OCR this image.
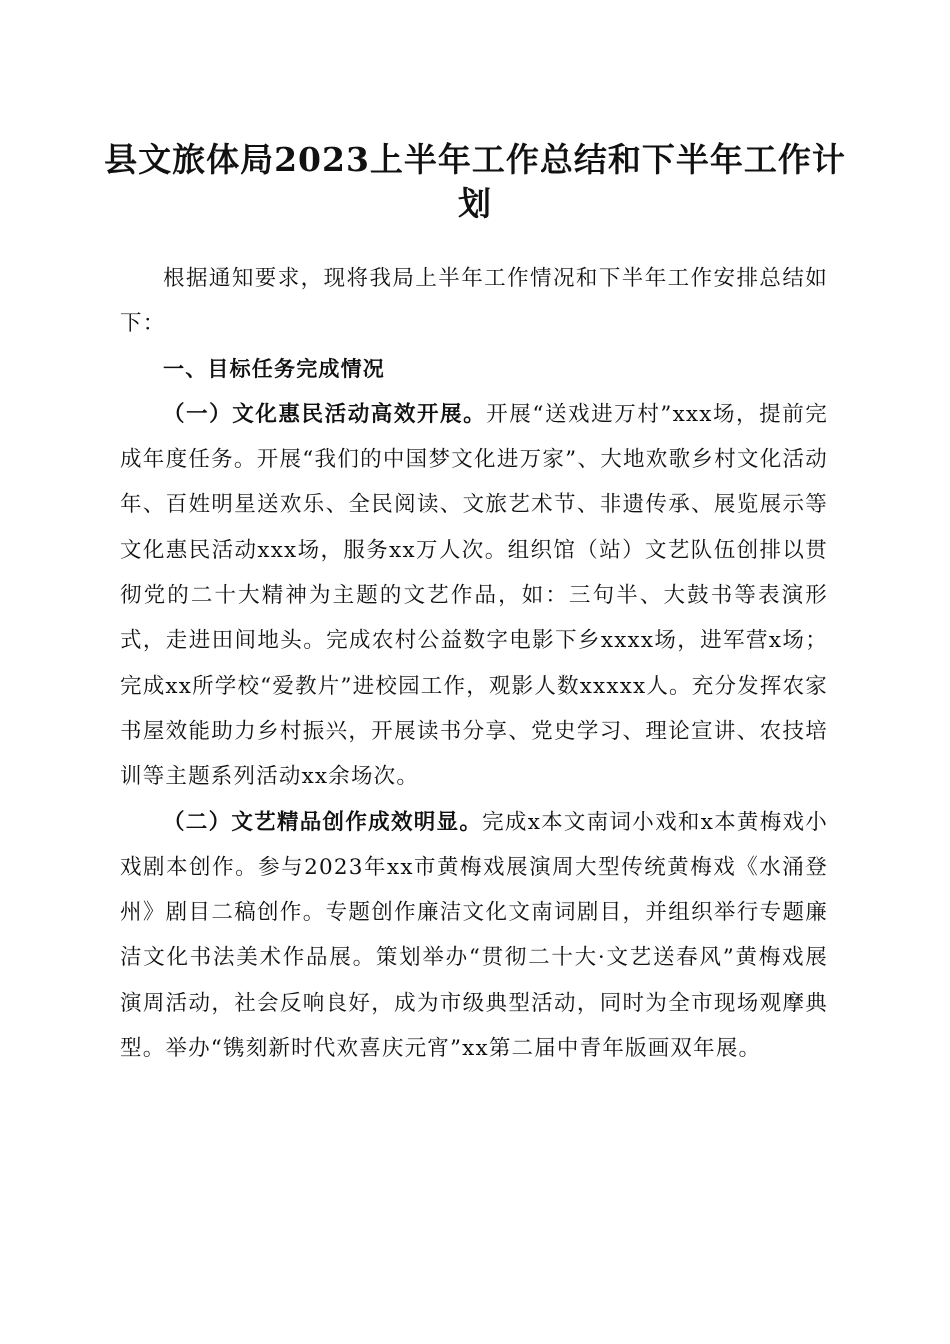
县文旅体局2023上半年工作总结和下半年工作计划

根据通知要求，现将我局上半年工作情况和下半年工作安排总结如下：

一、目标任务完成情况

（一）文化惠民活动高效开展。开展“送戏进万村”xxx场，提前完成年度任务。开展“我们的中国梦文化进万家”、大地欢歌乡村文化活动年、百姓明星送欢乐、全民阅读、文旅艺术节、非遗传承、展览展示等文化惠民活动xxx场，服务xx万人次。组织馆（站）文艺队伍创排以贯彻党的二十大精神为主题的文艺作品，如：三句半、大鼓书等表演形式，走进田间地头。完成农村公益数字电影下乡xxxx场，进军营x场；完成xx所学校“爱教片”进校园工作，观影人数xxxxx人。充分发挥农家书屋效能助力乡村振兴，开展读书分享、党史学习、理论宣讲、农技培训等主题系列活动xx余场次。

（二）文艺精品创作成效明显。完成x本文南词小戏和x本黄梅戏小戏剧本创作。参与2023年xx市黄梅戏展演周大型传统黄梅戏《水涌登州》剧目二稿创作。专题创作廉洁文化文南词剧目，并组织举行专题廉洁文化书法美术作品展。策划举办“贯彻二十大·文艺送春风”黄梅戏展演周活动，社会反响良好，成为市级典型活动，同时为全市现场观摩典型。举办“镌刻新时代欢喜庆元宵”xx第二届中青年版画双年展。
